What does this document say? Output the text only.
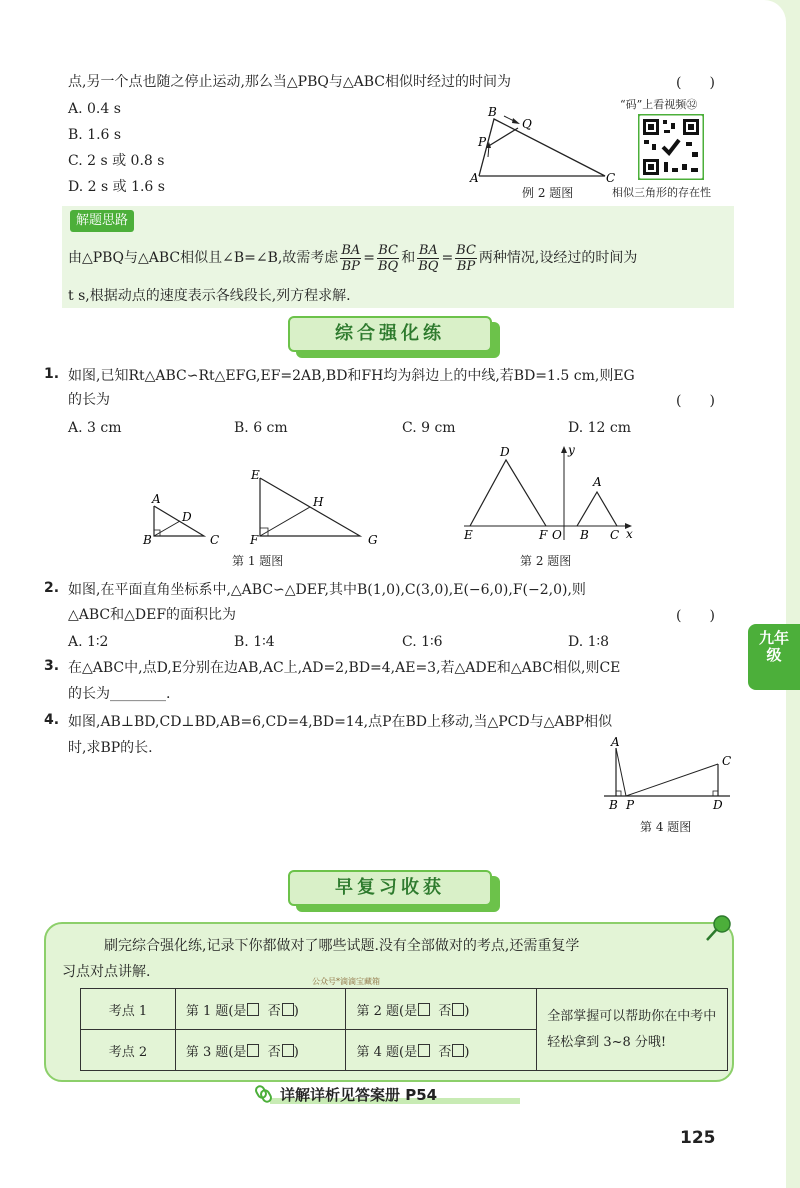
点,另一个点也随之停止运动,那么当△PBQ与△ABC相似时经过的时间为	(　　)
A. 0.4 s
B. 1.6 s
C. 2 s 或 0.8 s
D. 2 s 或 1.6 s
B
P
Q
A	C
例 2 题图
“码”上看视频㉜
相似三角形的存在性
解题思路
由△PBQ与△ABC相似且∠B=∠B,故需考虑 $\frac{BA}{BP} = \frac{BC}{BQ}$ 和 $\frac{BA}{BQ} = \frac{BC}{BP}$ 两种情况,设经过的时间为
t s,根据动点的速度表示各线段长,列方程求解.
综合强化练
1. 如图,已知Rt△ABC∽Rt△EFG,EF=2AB,BD和FH均为斜边上的中线,若BD=1.5 cm,则EG
的长为	(　　)
A. 3 cm	B. 6 cm	C. 9 cm	D. 12 cm
A
D
B	C
E
H
F	G
第 1 题图
D	y
A
E	F O B C x
第 2 题图
2. 如图,在平面直角坐标系中,△ABC∽△DEF,其中B(1,0),C(3,0),E(−6,0),F(−2,0),则
△ABC和△DEF的面积比为	(　　)
A. 1∶2	B. 1∶4	C. 1∶6	D. 1∶8
3. 在△ABC中,点D,E分别在边AB,AC上,AD=2,BD=4,AE=3,若△ADE和△ABC相似,则CE
的长为________.
4. 如图,AB⊥BD,CD⊥BD,AB=6,CD=4,BD=14,点P在BD上移动,当△PCD与△ABP相似
时,求BP的长.	A
C
B P	D
第 4 题图
九年
级
早复习收获
刷完综合强化练,记录下你都做对了哪些试题.没有全部做对的考点,还需重复学
习点对点讲解.
公众号*滴滴宝藏箱
考点 1	第 1 题(是 否 )	第 2 题(是 否 )	全部掌握可以帮助你在中考中轻松拿到 3~8 分哦!
考点 2	第 3 题(是 否 )	第 4 题(是 否 )	
详解详析见答案册 P54
125
